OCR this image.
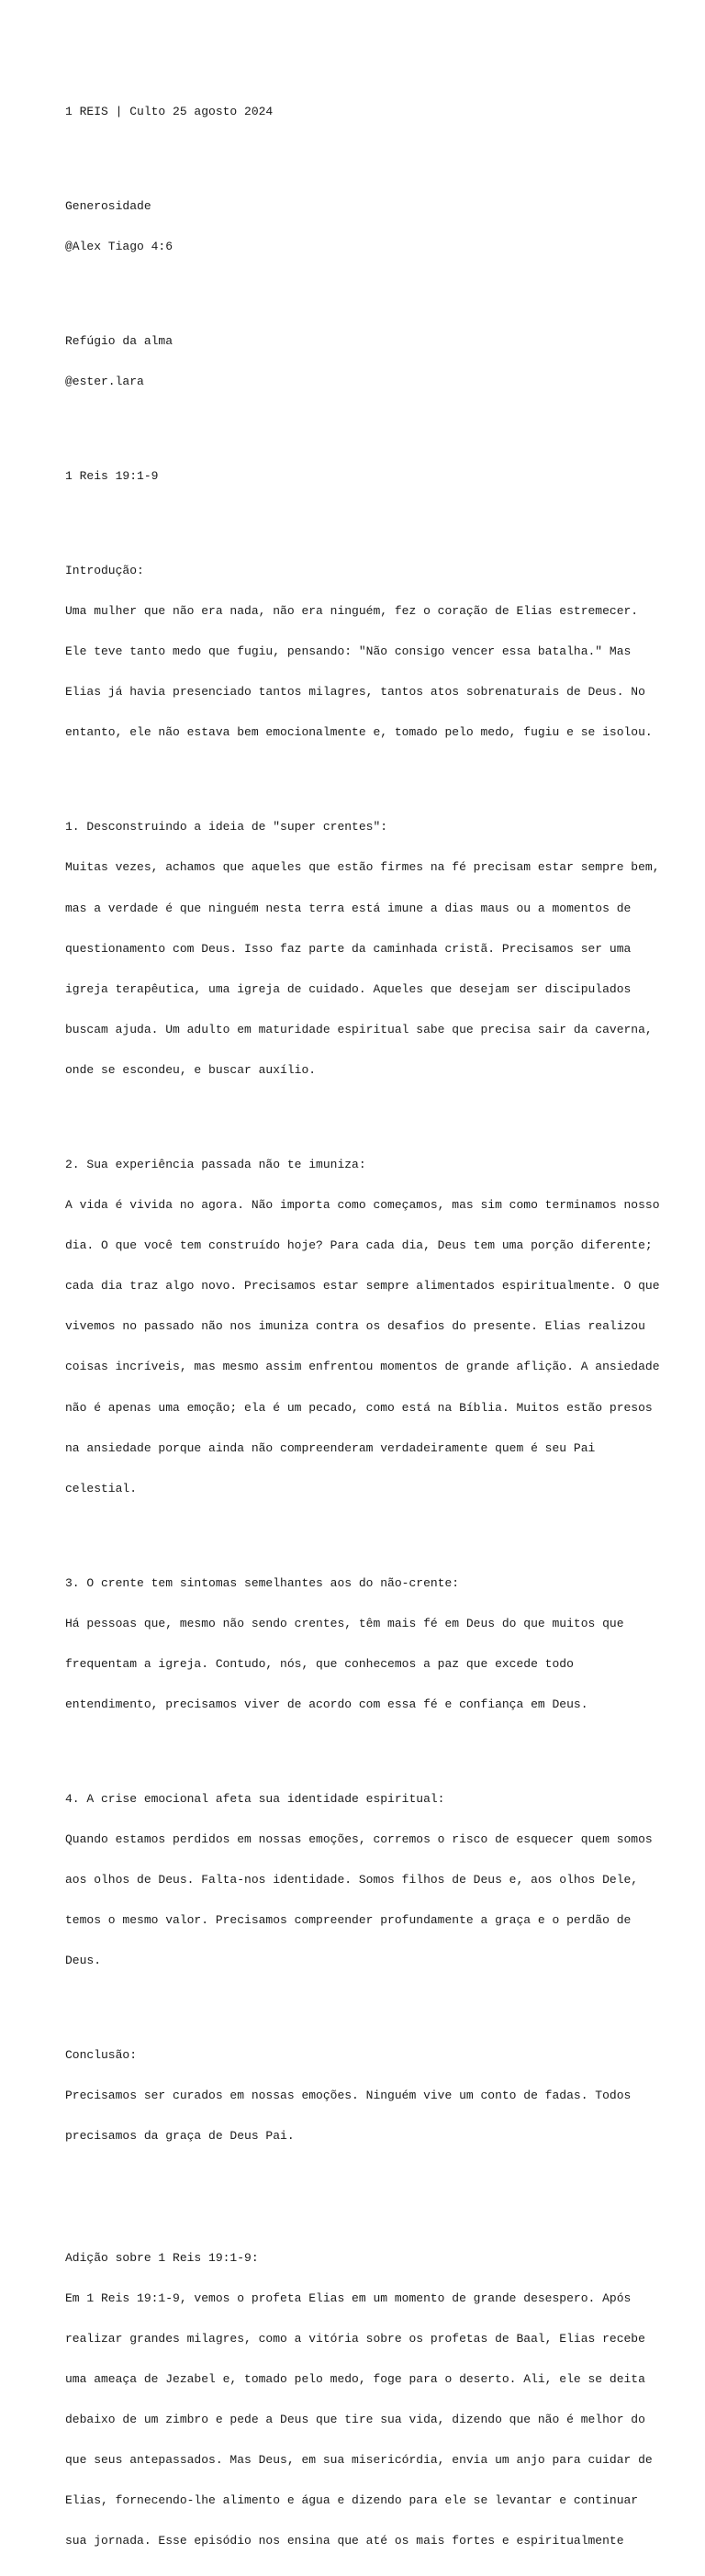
1 REIS | Culto 25 agosto 2024

Generosidade

@Alex Tiago 4:6

Refúgio da alma

@ester.lara

1 Reis 19:1-9

Introdução:

Uma mulher que não era nada, não era ninguém, fez o coração de Elias estremecer.

Ele teve tanto medo que fugiu, pensando: "Não consigo vencer essa batalha." Mas

Elias já havia presenciado tantos milagres, tantos atos sobrenaturais de Deus. No

entanto, ele não estava bem emocionalmente e, tomado pelo medo, fugiu e se isolou.

1. Desconstruindo a ideia de "super crentes":

Muitas vezes, achamos que aqueles que estão firmes na fé precisam estar sempre bem,

mas a verdade é que ninguém nesta terra está imune a dias maus ou a momentos de

questionamento com Deus. Isso faz parte da caminhada cristã. Precisamos ser uma

igreja terapêutica, uma igreja de cuidado. Aqueles que desejam ser discipulados

buscam ajuda. Um adulto em maturidade espiritual sabe que precisa sair da caverna,

onde se escondeu, e buscar auxílio.

2. Sua experiência passada não te imuniza:

A vida é vivida no agora. Não importa como começamos, mas sim como terminamos nosso

dia. O que você tem construído hoje? Para cada dia, Deus tem uma porção diferente;

cada dia traz algo novo. Precisamos estar sempre alimentados espiritualmente. O que

vivemos no passado não nos imuniza contra os desafios do presente. Elias realizou

coisas incríveis, mas mesmo assim enfrentou momentos de grande aflição. A ansiedade

não é apenas uma emoção; ela é um pecado, como está na Bíblia. Muitos estão presos

na ansiedade porque ainda não compreenderam verdadeiramente quem é seu Pai

celestial.

3. O crente tem sintomas semelhantes aos do não-crente:

Há pessoas que, mesmo não sendo crentes, têm mais fé em Deus do que muitos que

frequentam a igreja. Contudo, nós, que conhecemos a paz que excede todo

entendimento, precisamos viver de acordo com essa fé e confiança em Deus.

4. A crise emocional afeta sua identidade espiritual:

Quando estamos perdidos em nossas emoções, corremos o risco de esquecer quem somos

aos olhos de Deus. Falta-nos identidade. Somos filhos de Deus e, aos olhos Dele,

temos o mesmo valor. Precisamos compreender profundamente a graça e o perdão de

Deus.

Conclusão:

Precisamos ser curados em nossas emoções. Ninguém vive um conto de fadas. Todos

precisamos da graça de Deus Pai.

Adição sobre 1 Reis 19:1-9:

Em 1 Reis 19:1-9, vemos o profeta Elias em um momento de grande desespero. Após

realizar grandes milagres, como a vitória sobre os profetas de Baal, Elias recebe

uma ameaça de Jezabel e, tomado pelo medo, foge para o deserto. Ali, ele se deita

debaixo de um zimbro e pede a Deus que tire sua vida, dizendo que não é melhor do

que seus antepassados. Mas Deus, em sua misericórdia, envia um anjo para cuidar de

Elias, fornecendo-lhe alimento e água e dizendo para ele se levantar e continuar

sua jornada. Esse episódio nos ensina que até os mais fortes e espiritualmente
